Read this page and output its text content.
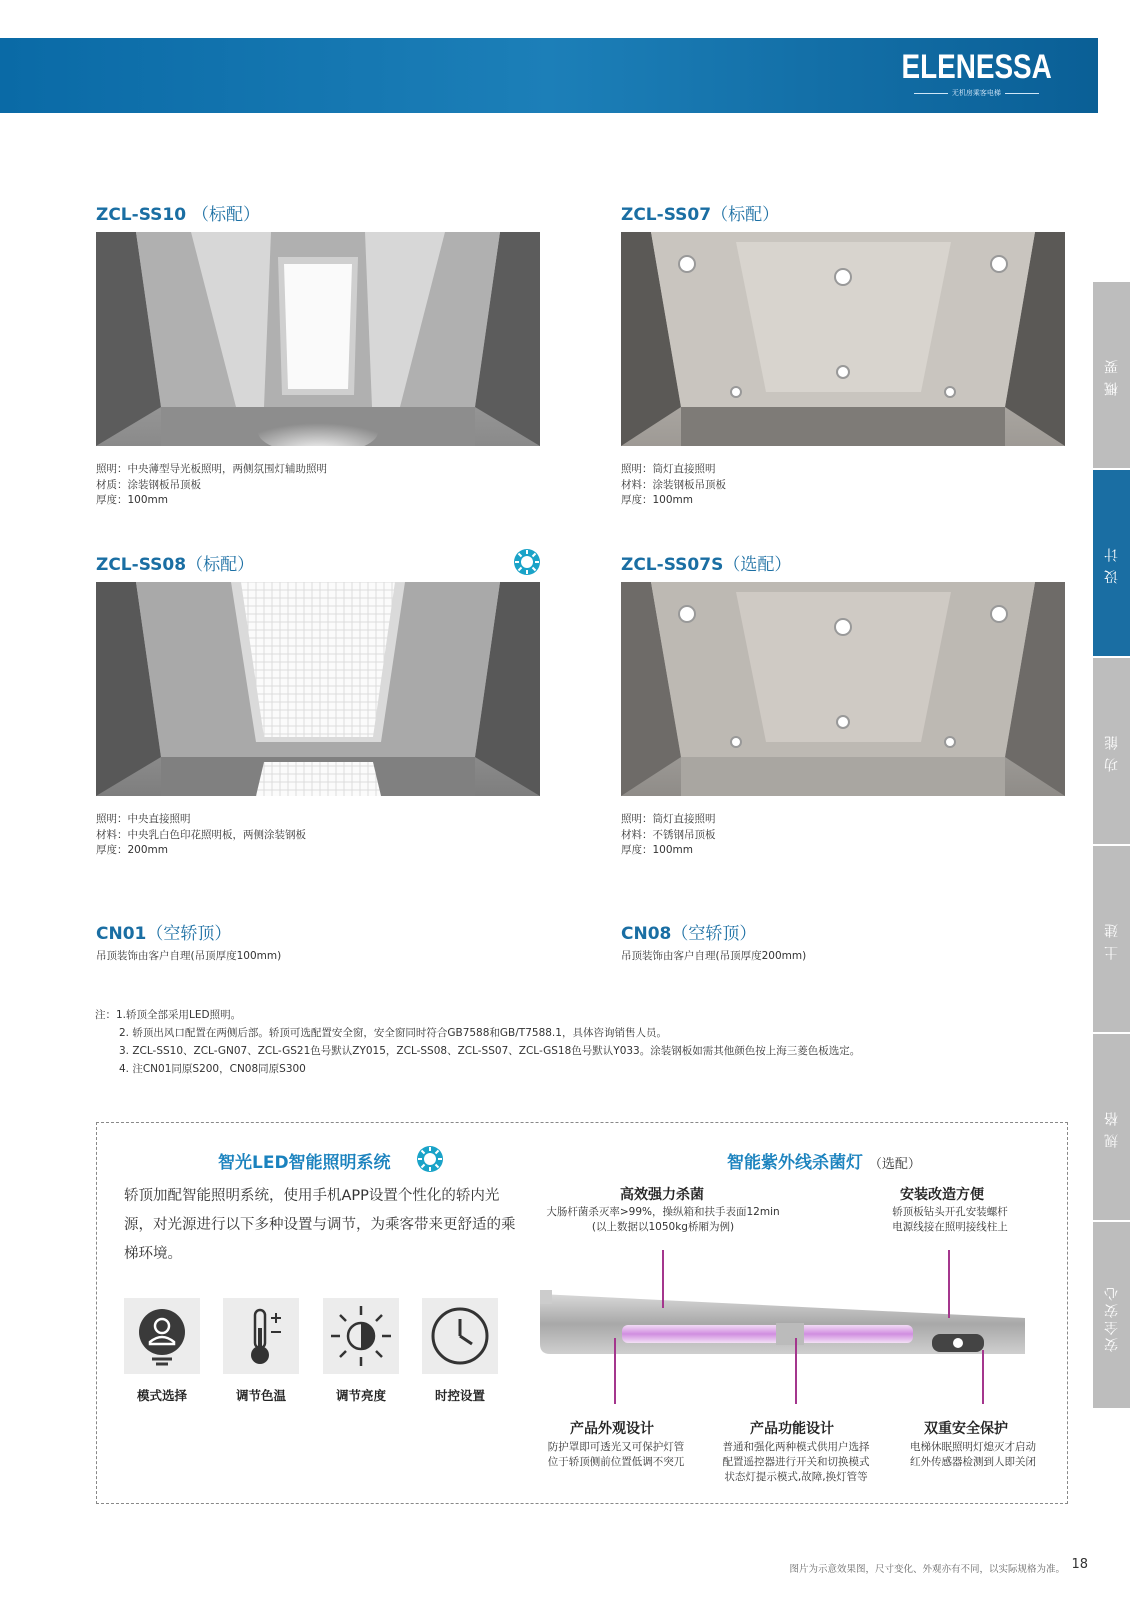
ELENESSA
无机房乘客电梯
概要
设计
功能
土建
规格
安全安心
ZCL-SS10 （标配）
照明：中央薄型导光板照明，两侧氛围灯辅助照明
材质：涂装钢板吊顶板
厚度：100mm
ZCL-SS07（标配）
照明：筒灯直接照明
材料：涂装钢板吊顶板
厚度：100mm
ZCL-SS08（标配）
照明：中央直接照明
材料：中央乳白色印花照明板，两侧涂装钢板
厚度：200mm
ZCL-SS07S（选配）
照明：筒灯直接照明
材料：不锈钢吊顶板
厚度：100mm
CN01（空轿顶）
吊顶装饰由客户自理(吊顶厚度100mm)
CN08（空轿顶）
吊顶装饰由客户自理(吊顶厚度200mm)
注：1.轿顶全部采用LED照明。
2. 轿顶出风口配置在两侧后部。轿顶可选配置安全窗，安全窗同时符合GB7588和GB/T7588.1，具体咨询销售人员。
3. ZCL-SS10、ZCL-GN07、ZCL-GS21色号默认ZY015，ZCL-SS08、ZCL-SS07、ZCL-GS18色号默认Y033。涂装钢板如需其他颜色按上海三菱色板选定。
4. 注CN01同原S200，CN08同原S300
智光LED智能照明系统
轿顶加配智能照明系统，使用手机APP设置个性化的轿内光源，对光源进行以下多种设置与调节，为乘客带来更舒适的乘梯环境。
模式选择	调节色温	调节亮度	时控设置
智能紫外线杀菌灯 （选配）
高效强力杀菌
大肠杆菌杀灭率>99%，操纵箱和扶手表面12min
(以上数据以1050kg桥厢为例)
安装改造方便
轿顶板钻头开孔安装螺杆
电源线接在照明接线柱上
产品外观设计
防护罩即可透光又可保护灯管
位于轿顶侧前位置低调不突兀
产品功能设计
普通和强化两种模式供用户选择
配置遥控器进行开关和切换模式
状态灯提示模式,故障,换灯管等
双重安全保护
电梯休眠照明灯熄灭才启动
红外传感器检测到人即关闭
图片为示意效果图，尺寸变化、外观亦有不同，以实际规格为准。 18
